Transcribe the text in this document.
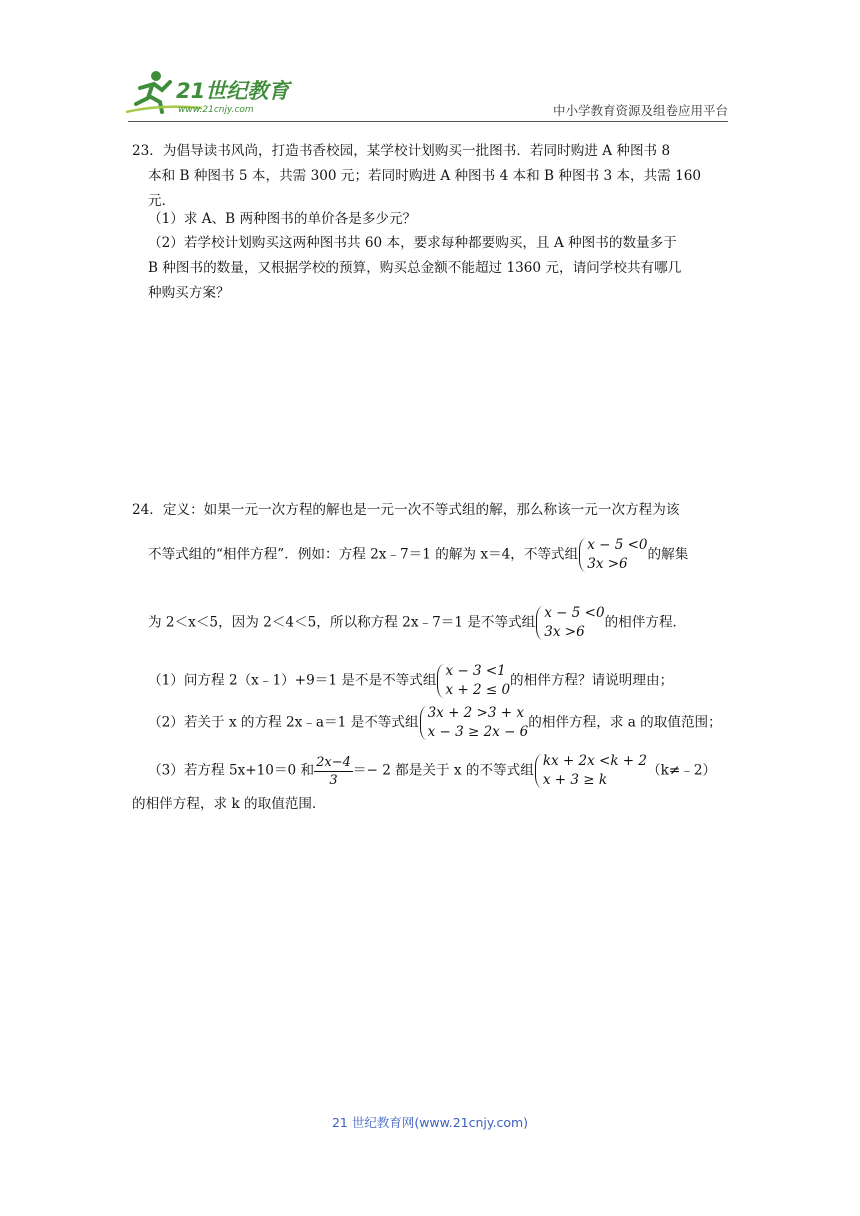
21世纪教育
www.21cnjy.com	中小学教育资源及组卷应用平台
23．为倡导读书风尚，打造书香校园，某学校计划购买一批图书．若同时购进 A 种图书 8
本和 B 种图书 5 本，共需 300 元；若同时购进 A 种图书 4 本和 B 种图书 3 本，共需 160
元．
（1）求 A、B 两种图书的单价各是多少元？
（2）若学校计划购买这两种图书共 60 本，要求每种都要购买，且 A 种图书的数量多于
B 种图书的数量，又根据学校的预算，购买总金额不能超过 1360 元，请问学校共有哪几
种购买方案？
24．定义：如果一元一次方程的解也是一元一次不等式组的解，那么称该一元一次方程为该
不等式组的“相伴方程”．例如：方程 2x﹣7＝1 的解为 x＝4，不等式组
x − 5 <0
3x >6
的解集
为 2＜x＜5，因为 2＜4＜5，所以称方程 2x﹣7＝1 是不等式组
x − 5 <0
3x >6
的相伴方程．
（1）问方程 2（x﹣1）+9＝1 是不是不等式组
x − 3 <1
x + 2 ≤ 0
的相伴方程？请说明理由；
（2）若关于 x 的方程 2x﹣a＝1 是不等式组
3x + 2 >3 + x
x − 3 ≥ 2x − 6
的相伴方程，求 a 的取值范围；
（3）若方程 5x+10＝0 和 $\frac{2x-4}{3} =- 2$ 都是关于 x 的不等式组
kx + 2x <k + 2
x + 3 ≥ k
（k≠﹣2）
的相伴方程，求 k 的取值范围．
21 世纪教育网(www.21cnjy.com)
